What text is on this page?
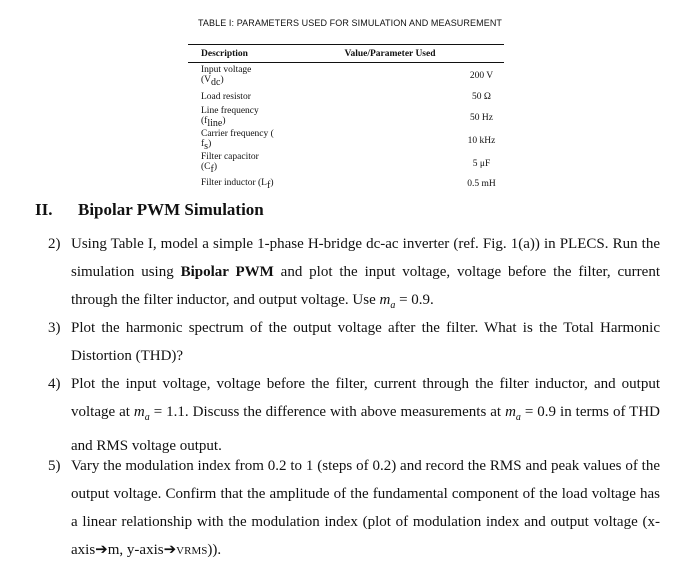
TABLE I: PARAMETERS USED FOR SIMULATION AND MEASUREMENT
Description	Value/Parameter Used
Input voltage $(V_{dc})$	200 V
Load resistor	50 Ω
Line frequency $(f_{line})$	50 Hz
Carrier frequency ( $f_s$)	10 kHz
Filter capacitor $(C_f)$	5 μF
Filter inductor $(L_f)$	0.5 mH
II. Bipolar PWM Simulation
2) Using Table I, model a simple 1-phase H-bridge dc-ac inverter (ref. Fig. 1(a)) in PLECS. Run the simulation using Bipolar PWM and plot the input voltage, voltage before the filter, current through the filter inductor, and output voltage. Use $m_a = 0.9$.
3) Plot the harmonic spectrum of the output voltage after the filter. What is the Total Harmonic Distortion (THD)?
4) Plot the input voltage, voltage before the filter, current through the filter inductor, and output voltage at $m_a = 1.1$. Discuss the difference with above measurements at $m_a = 0.9$ in terms of THD and RMS voltage output.
5) Vary the modulation index from 0.2 to 1 (steps of 0.2) and record the RMS and peak values of the output voltage. Confirm that the amplitude of the fundamental component of the load voltage has a linear relationship with the modulation index (plot of modulation index and output voltage (x-axis➔m, y-axis➔VRMS)).
